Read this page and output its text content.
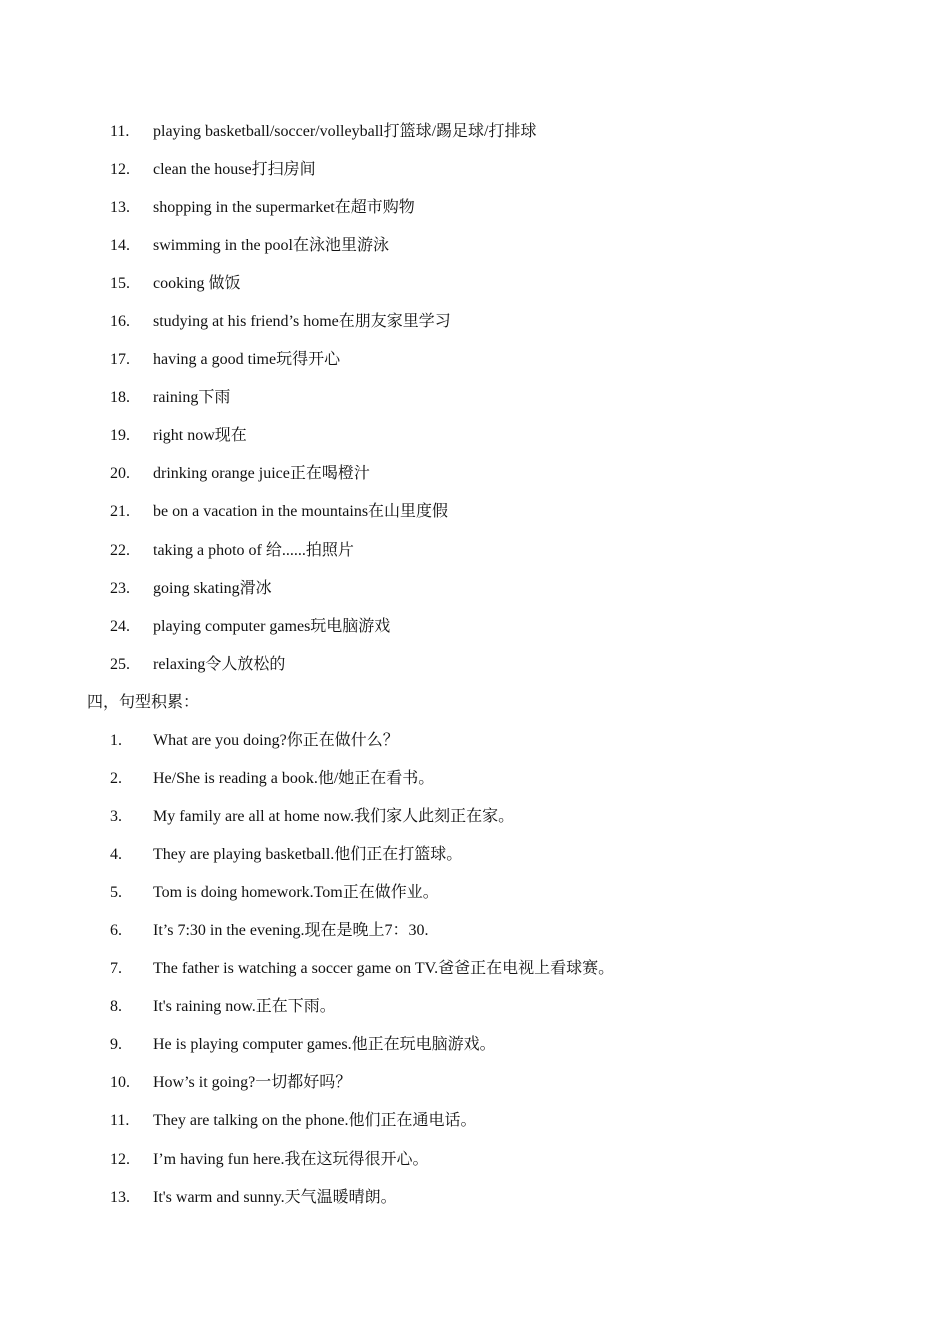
11.	playing basketball/soccer/volleyball打篮球/踢足球/打排球
12.	clean the house打扫房间
13.	shopping in the supermarket在超市购物
14.	swimming in the pool在泳池里游泳
15.	cooking 做饭
16.	studying at his friend’s home在朋友家里学习
17.	having a good time玩得开心
18.	raining下雨
19.	right now现在
20.	drinking orange juice正在喝橙汁
21.	be on a vacation in the mountains在山里度假
22.	taking a photo of 给......拍照片
23.	going skating滑冰
24.	playing computer games玩电脑游戏
25.	relaxing令人放松的
四，句型积累：
1.	What are you doing?你正在做什么？
2.	He/She is reading a book.他/她正在看书。
3.	My family are all at home now.我们家人此刻正在家。
4.	They are playing basketball.他们正在打篮球。
5.	Tom is doing homework.Tom正在做作业。
6.	It’s 7:30 in the evening.现在是晚上7：30.
7.	The father is watching a soccer game on TV.爸爸正在电视上看球赛。
8.	It's raining now.正在下雨。
9.	He is playing computer games.他正在玩电脑游戏。
10.	How’s it going?一切都好吗？
11.	They are talking on the phone.他们正在通电话。
12.	I’m having fun here.我在这玩得很开心。
13.	It's warm and sunny.天气温暖晴朗。
